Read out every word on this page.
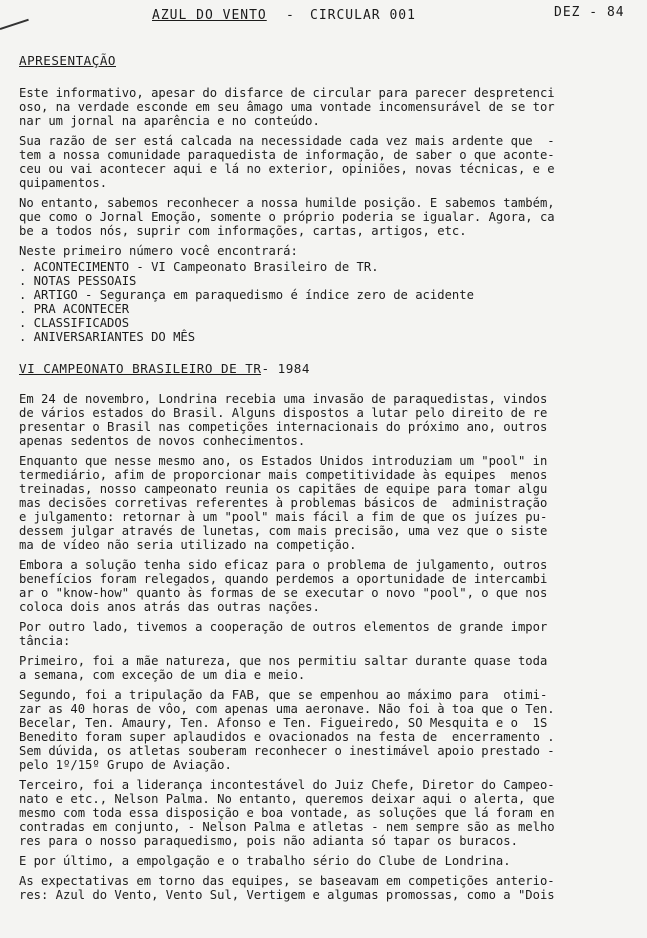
AZUL DO VENTO - CIRCULAR 001	DEZ - 84
APRESENTAÇÃO

Este informativo, apesar do disfarce de circular para parecer despretenci
oso, na verdade esconde em seu âmago uma vontade incomensurável de se tor
nar um jornal na aparência e no conteúdo.

Sua razão de ser está calcada na necessidade cada vez mais ardente que  -
tem a nossa comunidade paraquedista de informação, de saber o que aconte-
ceu ou vai acontecer aqui e lá no exterior, opiniões, novas técnicas, e e
quipamentos.

No entanto, sabemos reconhecer a nossa humilde posição. E sabemos também,
que como o Jornal Emoção, somente o próprio poderia se igualar. Agora, ca
be a todos nós, suprir com informações, cartas, artigos, etc.

Neste primeiro número você encontrará:

. ACONTECIMENTO - VI Campeonato Brasileiro de TR.
. NOTAS PESSOAIS
. ARTIGO - Segurança em paraquedismo é índice zero de acidente
. PRA ACONTECER
. CLASSIFICADOS
. ANIVERSARIANTES DO MÊS
VI CAMPEONATO BRASILEIRO DE TR- 1984

Em 24 de novembro, Londrina recebia uma invasão de paraquedistas, vindos
de vários estados do Brasil. Alguns dispostos a lutar pelo direito de re
presentar o Brasil nas competições internacionais do próximo ano, outros
apenas sedentos de novos conhecimentos.

Enquanto que nesse mesmo ano, os Estados Unidos introduziam um "pool" in
termediário, afim de proporcionar mais competitividade às equipes  menos
treinadas, nosso campeonato reunia os capitães de equipe para tomar algu
mas decisões corretivas referentes à problemas básicos de  administração
e julgamento: retornar à um "pool" mais fácil a fim de que os juízes pu-
dessem julgar através de lunetas, com mais precisão, uma vez que o siste
ma de vídeo não seria utilizado na competição.

Embora a solução tenha sido eficaz para o problema de julgamento, outros
benefícios foram relegados, quando perdemos a oportunidade de intercambi
ar o "know-how" quanto às formas de se executar o novo "pool", o que nos
coloca dois anos atrás das outras nações.

Por outro lado, tivemos a cooperação de outros elementos de grande impor
tância:

Primeiro, foi a mãe natureza, que nos permitiu saltar durante quase toda
a semana, com exceção de um dia e meio.

Segundo, foi a tripulação da FAB, que se empenhou ao máximo para  otimi-
zar as 40 horas de vôo, com apenas uma aeronave. Não foi à toa que o Ten.
Becelar, Ten. Amaury, Ten. Afonso e Ten. Figueiredo, SO Mesquita e o  1S
Benedito foram super aplaudidos e ovacionados na festa de  encerramento .
Sem dúvida, os atletas souberam reconhecer o inestimável apoio prestado -
pelo 1º/15º Grupo de Aviação.

Terceiro, foi a liderança incontestável do Juiz Chefe, Diretor do Campeo-
nato e etc., Nelson Palma. No entanto, queremos deixar aqui o alerta, que
mesmo com toda essa disposição e boa vontade, as soluções que lá foram en
contradas em conjunto, - Nelson Palma e atletas - nem sempre são as melho
res para o nosso paraquedismo, pois não adianta só tapar os buracos.

E por último, a empolgação e o trabalho sério do Clube de Londrina.

As expectativas em torno das equipes, se baseavam em competições anterio-
res: Azul do Vento, Vento Sul, Vertigem e algumas promossas, como a "Dois
